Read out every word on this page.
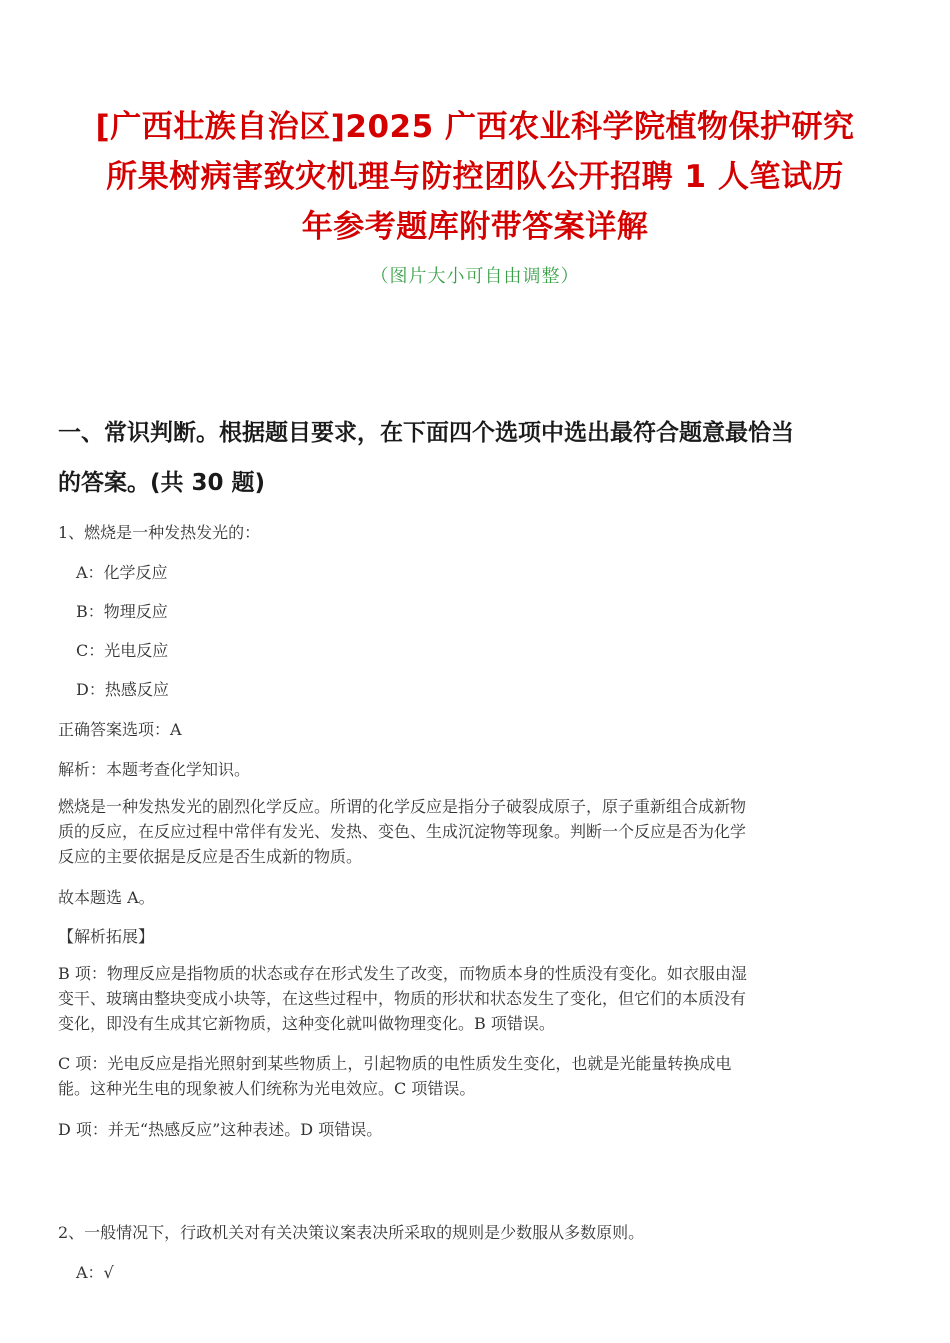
[广西壮族自治区]2025 广西农业科学院植物保护研究
所果树病害致灾机理与防控团队公开招聘 1 人笔试历
年参考题库附带答案详解
（图片大小可自由调整）
一、常识判断。根据题目要求，在下面四个选项中选出最符合题意最恰当
的答案。(共 30 题)
1、燃烧是一种发热发光的：
A：化学反应
B：物理反应
C：光电反应
D：热感反应
正确答案选项：A
解析：本题考查化学知识。
燃烧是一种发热发光的剧烈化学反应。所谓的化学反应是指分子破裂成原子，原子重新组合成新物
质的反应，在反应过程中常伴有发光、发热、变色、生成沉淀物等现象。判断一个反应是否为化学
反应的主要依据是反应是否生成新的物质。
故本题选 A。
【解析拓展】
B 项：物理反应是指物质的状态或存在形式发生了改变，而物质本身的性质没有变化。如衣服由湿
变干、玻璃由整块变成小块等，在这些过程中，物质的形状和状态发生了变化，但它们的本质没有
变化，即没有生成其它新物质，这种变化就叫做物理变化。B 项错误。
C 项：光电反应是指光照射到某些物质上，引起物质的电性质发生变化，也就是光能量转换成电
能。这种光生电的现象被人们统称为光电效应。C 项错误。
D 项：并无“热感反应”这种表述。D 项错误。
2、一般情况下，行政机关对有关决策议案表决所采取的规则是少数服从多数原则。
A：√
